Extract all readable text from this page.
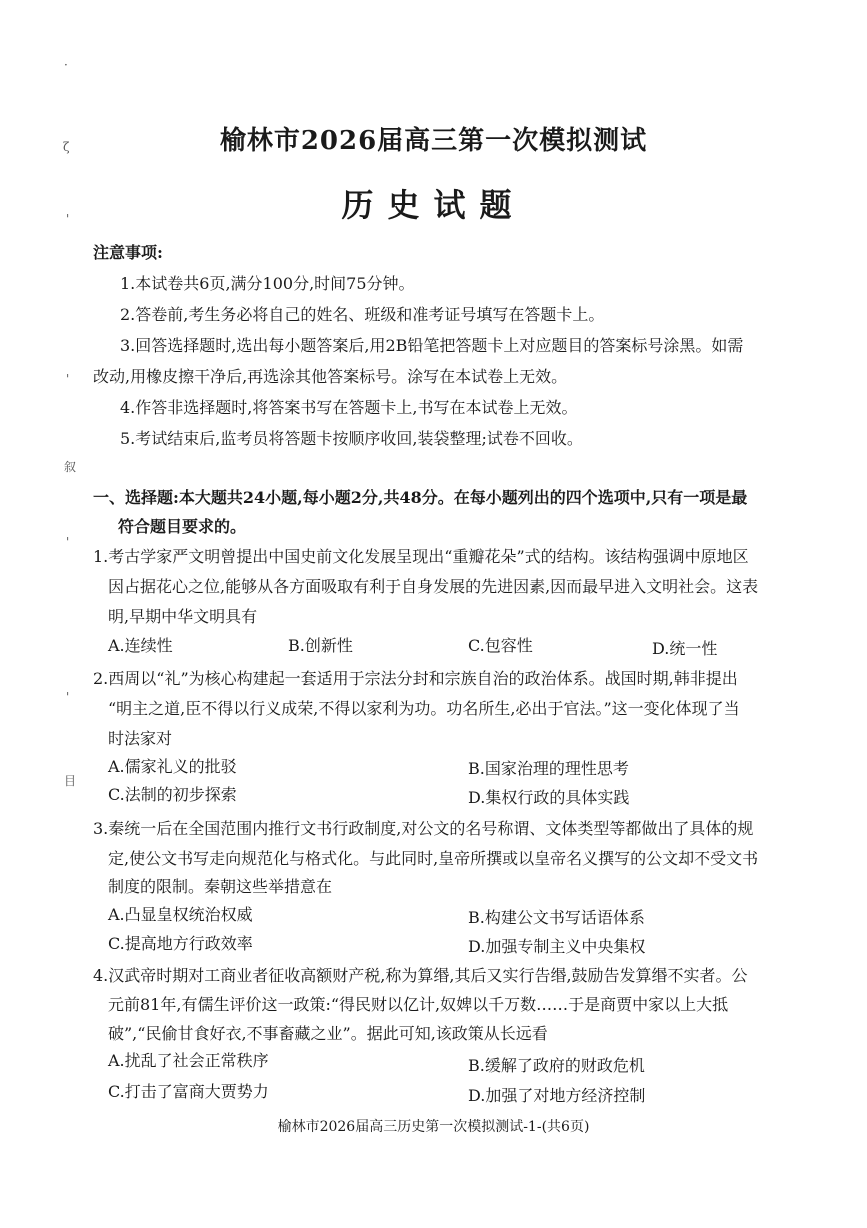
·
ζ
'
'
叙
'
'
目
榆林市2026届高三第一次模拟测试
历史试题
注意事项:
1.本试卷共6页,满分100分,时间75分钟。
2.答卷前,考生务必将自己的姓名、班级和准考证号填写在答题卡上。
3.回答选择题时,选出每小题答案后,用2B铅笔把答题卡上对应题目的答案标号涂黑。如需
改动,用橡皮擦干净后,再选涂其他答案标号。涂写在本试卷上无效。
4.作答非选择题时,将答案书写在答题卡上,书写在本试卷上无效。
5.考试结束后,监考员将答题卡按顺序收回,装袋整理;试卷不回收。
一、选择题:本大题共24小题,每小题2分,共48分。在每小题列出的四个选项中,只有一项是最
符合题目要求的。
1.考古学家严文明曾提出中国史前文化发展呈现出“重瓣花朵”式的结构。该结构强调中原地区
因占据花心之位,能够从各方面吸取有利于自身发展的先进因素,因而最早进入文明社会。这表
明,早期中华文明具有
A.连续性	B.创新性	C.包容性	D.统一性
2.西周以“礼”为核心构建起一套适用于宗法分封和宗族自治的政治体系。战国时期,韩非提出
“明主之道,臣不得以行义成荣,不得以家利为功。功名所生,必出于官法。”这一变化体现了当
时法家对
A.儒家礼义的批驳	B.国家治理的理性思考
C.法制的初步探索	D.集权行政的具体实践
3.秦统一后在全国范围内推行文书行政制度,对公文的名号称谓、文体类型等都做出了具体的规
定,使公文书写走向规范化与格式化。与此同时,皇帝所撰或以皇帝名义撰写的公文却不受文书
制度的限制。秦朝这些举措意在
A.凸显皇权统治权威	B.构建公文书写话语体系
C.提高地方行政效率	D.加强专制主义中央集权
4.汉武帝时期对工商业者征收高额财产税,称为算缗,其后又实行告缗,鼓励告发算缗不实者。公
元前81年,有儒生评价这一政策:“得民财以亿计,奴婢以千万数……于是商贾中家以上大抵
破”,“民偷甘食好衣,不事畜藏之业”。据此可知,该政策从长远看
A.扰乱了社会正常秩序	B.缓解了政府的财政危机
C.打击了富商大贾势力	D.加强了对地方经济控制
榆林市2026届高三历史第一次模拟测试-1-(共6页)
